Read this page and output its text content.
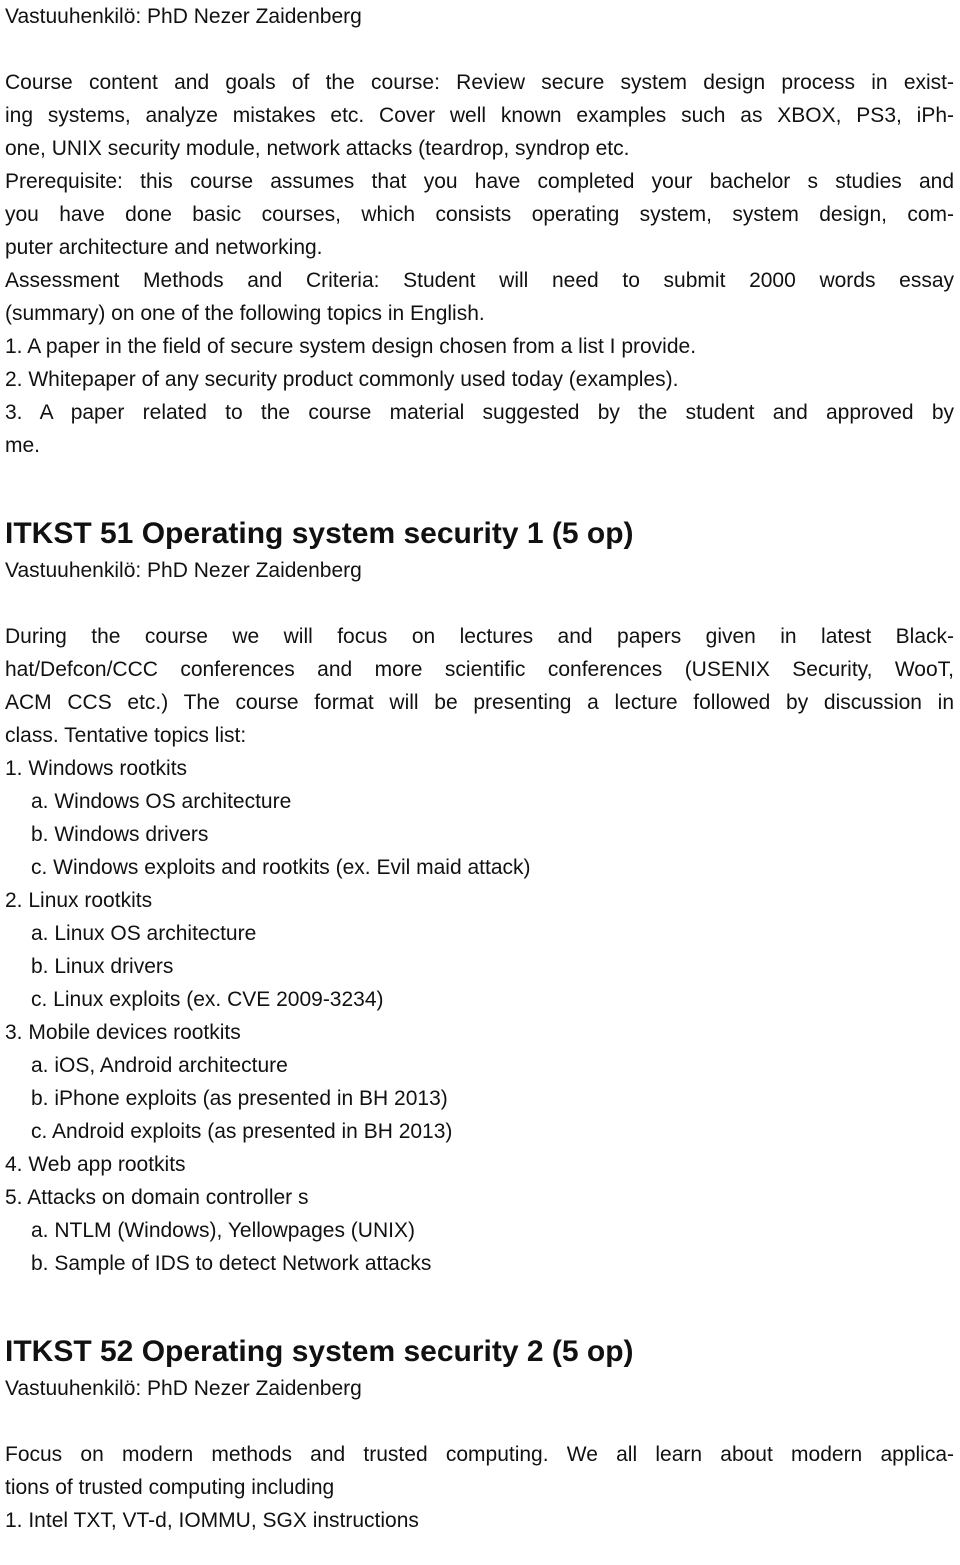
Vastuuhenkilö: PhD Nezer Zaidenberg
Course content and goals of the course: Review secure system design process in exist-
ing systems, analyze mistakes etc. Cover well known examples such as XBOX, PS3, iPh-
one, UNIX security module, network attacks (teardrop, syndrop etc.
Prerequisite: this course assumes that you have completed your bachelor s studies and
you have done basic courses, which consists operating system, system design, com-
puter architecture and networking.
Assessment Methods and Criteria: Student will need to submit 2000 words essay
(summary) on one of the following topics in English.
1. A paper in the field of secure system design chosen from a list I provide.
2. Whitepaper of any security product commonly used today (examples).
3. A paper related to the course material suggested by the student and approved by
me.
ITKST 51 Operating system security 1 (5 op)
Vastuuhenkilö: PhD Nezer Zaidenberg
During the course we will focus on lectures and papers given in latest Black-
hat/Defcon/CCC conferences and more scientific conferences (USENIX Security, WooT,
ACM CCS etc.) The course format will be presenting a lecture followed by discussion in
class. Tentative topics list:
1. Windows rootkits
a. Windows OS architecture
b. Windows drivers
c. Windows exploits and rootkits (ex. Evil maid attack)
2. Linux rootkits
a. Linux OS architecture
b. Linux drivers
c. Linux exploits (ex. CVE 2009-3234)
3. Mobile devices rootkits
a. iOS, Android architecture
b. iPhone exploits (as presented in BH 2013)
c. Android exploits (as presented in BH 2013)
4. Web app rootkits
5. Attacks on domain controller s
a. NTLM (Windows), Yellowpages (UNIX)
b. Sample of IDS to detect Network attacks
ITKST 52 Operating system security 2 (5 op)
Vastuuhenkilö: PhD Nezer Zaidenberg
Focus on modern methods and trusted computing. We all learn about modern applica-
tions of trusted computing including
1. Intel TXT, VT-d, IOMMU, SGX instructions
